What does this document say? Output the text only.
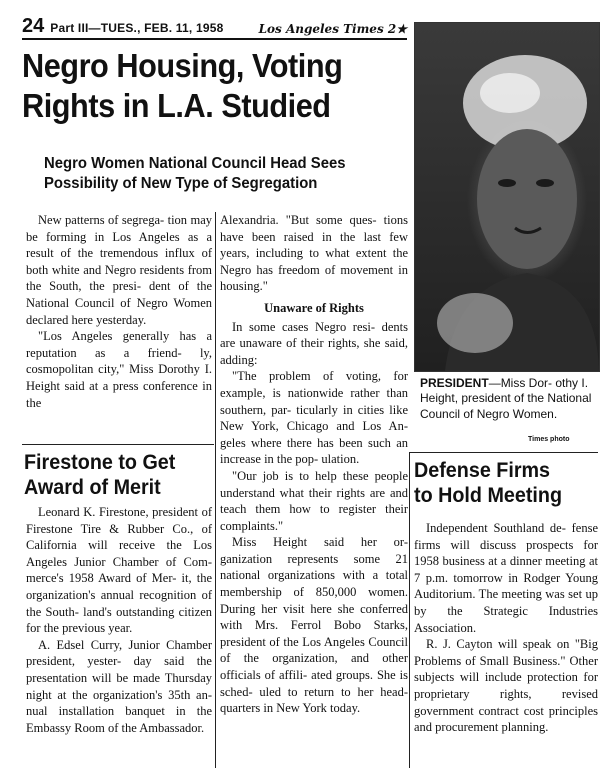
24 Part III—TUES., FEB. 11, 1958	Los Angeles Times 2★
Negro Housing, Voting
Rights in L.A. Studied
Negro Women National Council Head Sees
Possibility of New Type of Segregation

New patterns of segrega- tion may be forming in Los Angeles as a result of the tremendous influx of both white and Negro residents from the South, the presi- dent of the National Council of Negro Women declared here yesterday.

"Los Angeles generally has a reputation as a friend- ly, cosmopolitan city," Miss Dorothy I. Height said at a press conference in the

Alexandria. "But some ques- tions have been raised in the last few years, including to what extent the Negro has freedom of movement in housing."

Unaware of Rights

In some cases Negro resi- dents are unaware of their rights, she said, adding:

"The problem of voting, for example, is nationwide rather than southern, par- ticularly in cities like New York, Chicago and Los An- geles where there has been such an increase in the pop- ulation.

"Our job is to help these people understand what their rights are and teach them how to register their complaints."

Miss Height said her or- ganization represents some 21 national organizations with a total membership of 850,000 women. During her visit here she conferred with Mrs. Ferrol Bobo Starks, president of the Los Angeles Council of the organization, and other officials of affili- ated groups. She is sched- uled to return to her head- quarters in New York today.

Firestone to Get
Award of Merit

Leonard K. Firestone, president of Firestone Tire & Rubber Co., of California will receive the Los Angeles Junior Chamber of Com- merce's 1958 Award of Mer- it, the organization's annual recognition of the South- land's outstanding citizen for the previous year.

A. Edsel Curry, Junior Chamber president, yester- day said the presentation will be made Thursday night at the organization's 35th an- nual installation banquet in the Embassy Room of the Ambassador.

PRESIDENT—Miss Dor- othy I. Height, president of the National Council of Negro Women.
Times photo
Defense Firms
to Hold Meeting

Independent Southland de- fense firms will discuss prospects for 1958 business at a dinner meeting at 7 p.m. tomorrow in Rodger Young Auditorium. The meeting was set up by the Strategic Industries Association.

R. J. Cayton will speak on "Big Problems of Small Business." Other subjects will include protection for proprietary rights, revised government contract cost principles and procurement planning.
